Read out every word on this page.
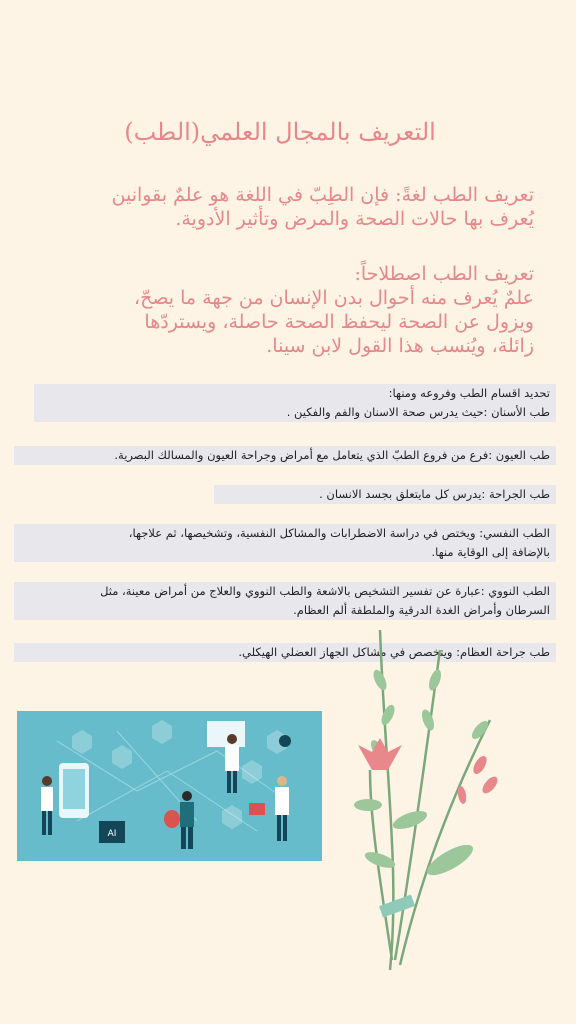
التعريف بالمجال العلمي(الطب)
تعريف الطب لغةً: فإن الطِبّ في اللغة هو علمٌ بقوانين
يُعرف بها حالات الصحة والمرض وتأثير الأدوية.
تعريف الطب اصطلاحاً:
علمٌ يُعرف منه أحوال بدن الإنسان من جهة ما يصحّ،
ويزول عن الصحة ليحفظ الصحة حاصلة، ويستردّها
زائلة، ويُنسب هذا القول لابن سينا.
تحديد اقسام الطب وفروعه ومنها:
طب الأسنان :حيث يدرس صحة الاسنان والفم والفكين .
طب العيون :فرع من فروع الطبّ الذي يتعامل مع أمراض وجراحة العيون والمسالك البصرية.
طب الجراحة :يدرس كل مايتعلق بجسد الانسان .
الطب النفسي: ويختص في دراسة الاضطرابات والمشاكل النفسية، وتشخيصها، ثم علاجها،
بالإضافة إلى الوقاية منها.
الطب النووي :عبارة عن تفسير التشخيص بالاشعة والطب النووي والعلاج من أمراض معينة، مثل
السرطان وأمراض الغدة الدرقية والملطفة ألم العظام.
طب جراحة العظام: ويتخصص في مشاكل الجهاز العضلي الهيكلي.
AI
